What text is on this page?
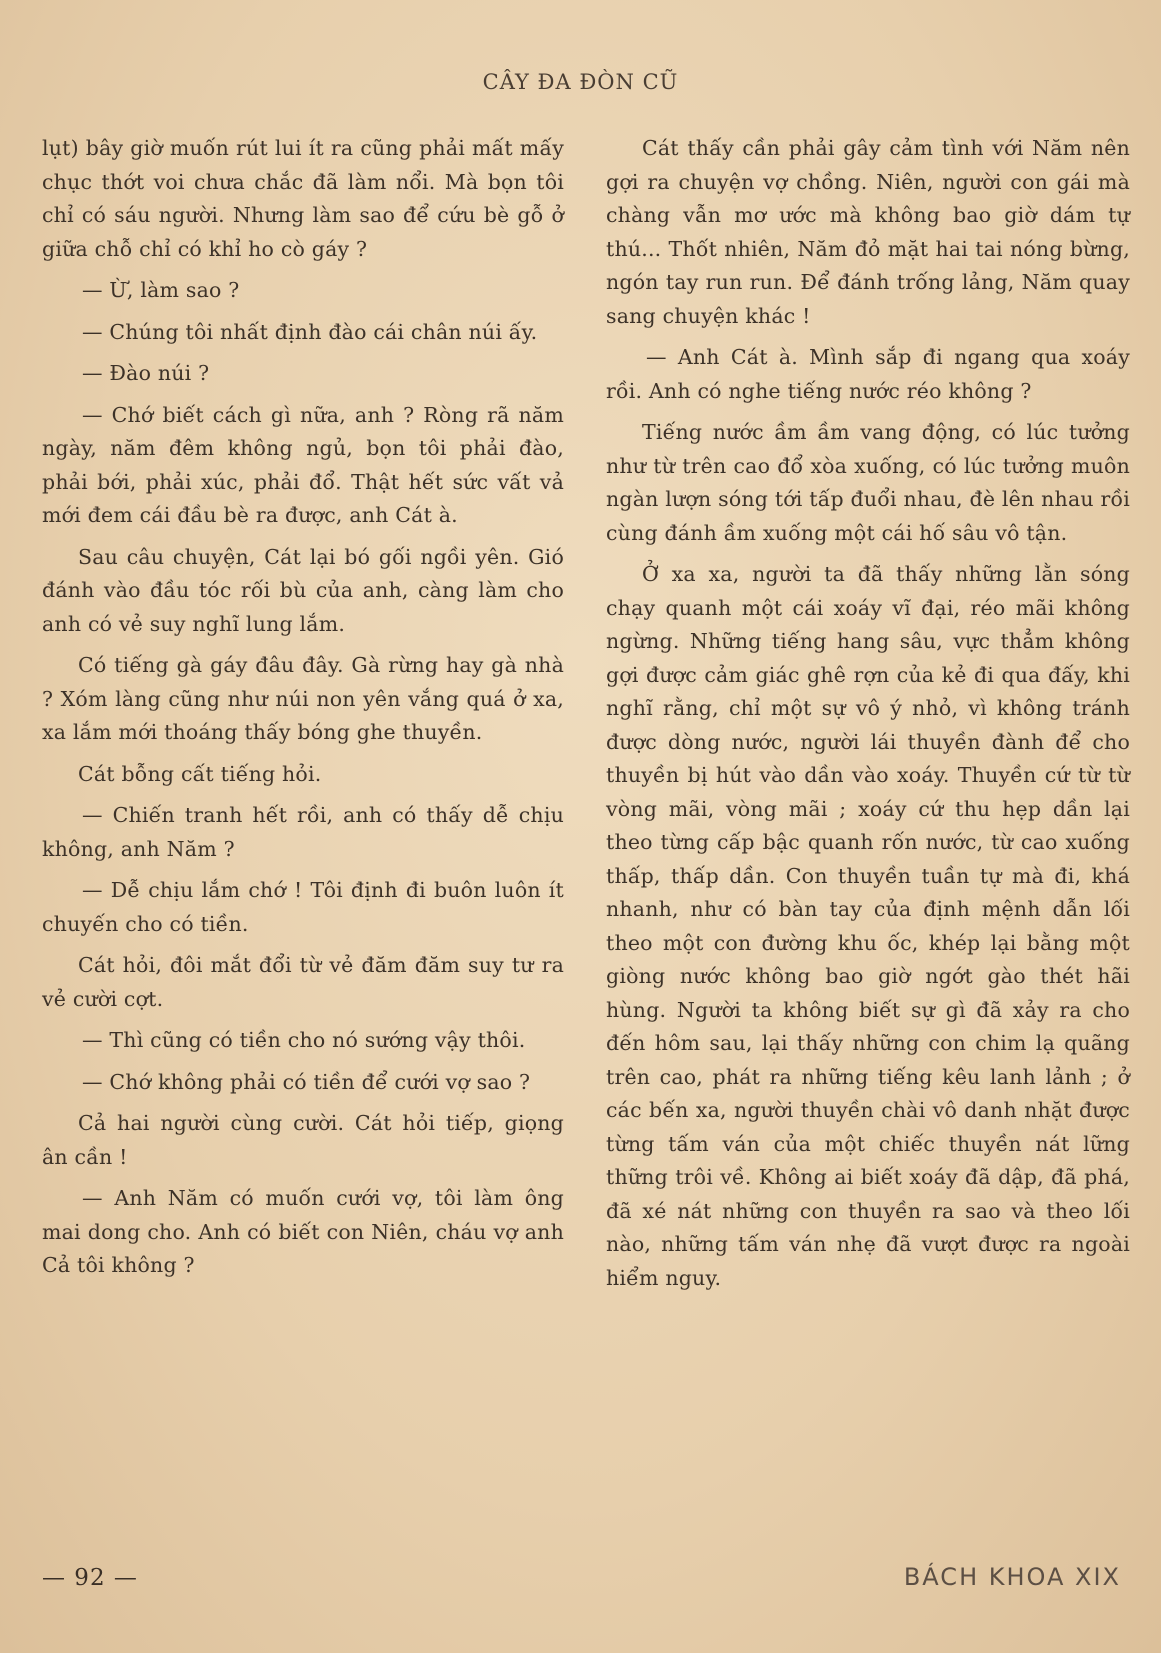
CÂY ĐA ĐÒN CŨ

lụt) bây giờ muốn rút lui ít ra cũng phải mất mấy chục thớt voi chưa chắc đã làm nổi. Mà bọn tôi chỉ có sáu người. Nhưng làm sao để cứu bè gỗ ở giữa chỗ chỉ có khỉ ho cò gáy ?

— Ừ, làm sao ?

— Chúng tôi nhất định đào cái chân núi ấy.

— Đào núi ?

— Chớ biết cách gì nữa, anh ? Ròng rã năm ngày, năm đêm không ngủ, bọn tôi phải đào, phải bới, phải xúc, phải đổ. Thật hết sức vất vả mới đem cái đầu bè ra được, anh Cát à.

Sau câu chuyện, Cát lại bó gối ngồi yên. Gió đánh vào đầu tóc rối bù của anh, càng làm cho anh có vẻ suy nghĩ lung lắm.

Có tiếng gà gáy đâu đây. Gà rừng hay gà nhà ? Xóm làng cũng như núi non yên vắng quá ở xa, xa lắm mới thoáng thấy bóng ghe thuyền.

Cát bỗng cất tiếng hỏi.

— Chiến tranh hết rồi, anh có thấy dễ chịu không, anh Năm ?

— Dễ chịu lắm chớ ! Tôi định đi buôn luôn ít chuyến cho có tiền.

Cát hỏi, đôi mắt đổi từ vẻ đăm đăm suy tư ra vẻ cười cợt.

— Thì cũng có tiền cho nó sướng vậy thôi.

— Chớ không phải có tiền để cưới vợ sao ?

Cả hai người cùng cười. Cát hỏi tiếp, giọng ân cần !

— Anh Năm có muốn cưới vợ, tôi làm ông mai dong cho. Anh có biết con Niên, cháu vợ anh Cả tôi không ?

Cát thấy cần phải gây cảm tình với Năm nên gợi ra chuyện vợ chồng. Niên, người con gái mà chàng vẫn mơ ước mà không bao giờ dám tự thú... Thốt nhiên, Năm đỏ mặt hai tai nóng bừng, ngón tay run run. Để đánh trống lảng, Năm quay sang chuyện khác !

— Anh Cát à. Mình sắp đi ngang qua xoáy rồi. Anh có nghe tiếng nước réo không ?

Tiếng nước ầm ầm vang động, có lúc tưởng như từ trên cao đổ xòa xuống, có lúc tưởng muôn ngàn lượn sóng tới tấp đuổi nhau, đè lên nhau rồi cùng đánh ầm xuống một cái hố sâu vô tận.

Ở xa xa, người ta đã thấy những lằn sóng chạy quanh một cái xoáy vĩ đại, réo mãi không ngừng. Những tiếng hang sâu, vực thẳm không gợi được cảm giác ghê rợn của kẻ đi qua đấy, khi nghĩ rằng, chỉ một sự vô ý nhỏ, vì không tránh được dòng nước, người lái thuyền đành để cho thuyền bị hút vào dần vào xoáy. Thuyền cứ từ từ vòng mãi, vòng mãi ; xoáy cứ thu hẹp dần lại theo từng cấp bậc quanh rốn nước, từ cao xuống thấp, thấp dần. Con thuyền tuần tự mà đi, khá nhanh, như có bàn tay của định mệnh dẫn lối theo một con đường khu ốc, khép lại bằng một giòng nước không bao giờ ngớt gào thét hãi hùng. Người ta không biết sự gì đã xảy ra cho đến hôm sau, lại thấy những con chim lạ quãng trên cao, phát ra những tiếng kêu lanh lảnh ; ở các bến xa, người thuyền chài vô danh nhặt được từng tấm ván của một chiếc thuyền nát lững thững trôi về. Không ai biết xoáy đã dập, đã phá, đã xé nát những con thuyền ra sao và theo lối nào, những tấm ván nhẹ đã vượt được ra ngoài hiểm nguy.

— 92 —	BÁCH KHOA XIX
